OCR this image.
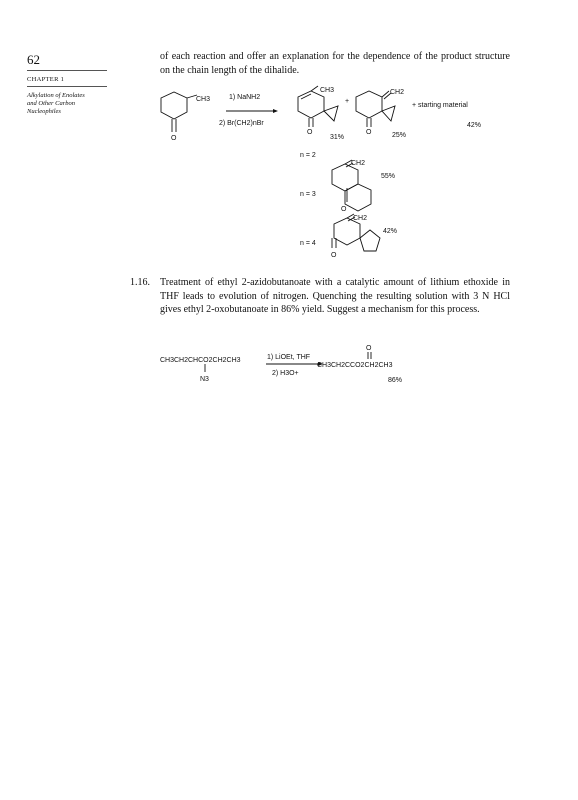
62
CHAPTER 1
Alkylation of Enolates
and Other Carbon
Nucleophiles
of each reaction and offer an explanation for the dependence of the product structure on the chain length of the dihalide.
CH3
O
1) NaNH2
2) Br(CH2)nBr
CH3
O
31%
+
CH2
O	25%
+ starting material
42%
n = 2
n = 3
n = 4
CH2
O
55%
CH2
O
42%
CH3CH2CHCO2CH2CH3
N3
1) LiOEt, THF
2) H3O+
O
CH3CH2CCO2CH2CH3
86%
1.16. Treatment of ethyl 2-azidobutanoate with a catalytic amount of lithium ethoxide in THF leads to evolution of nitrogen. Quenching the resulting solution with 3 N HCl gives ethyl 2-oxobutanoate in 86% yield. Suggest a mechanism for this process.
